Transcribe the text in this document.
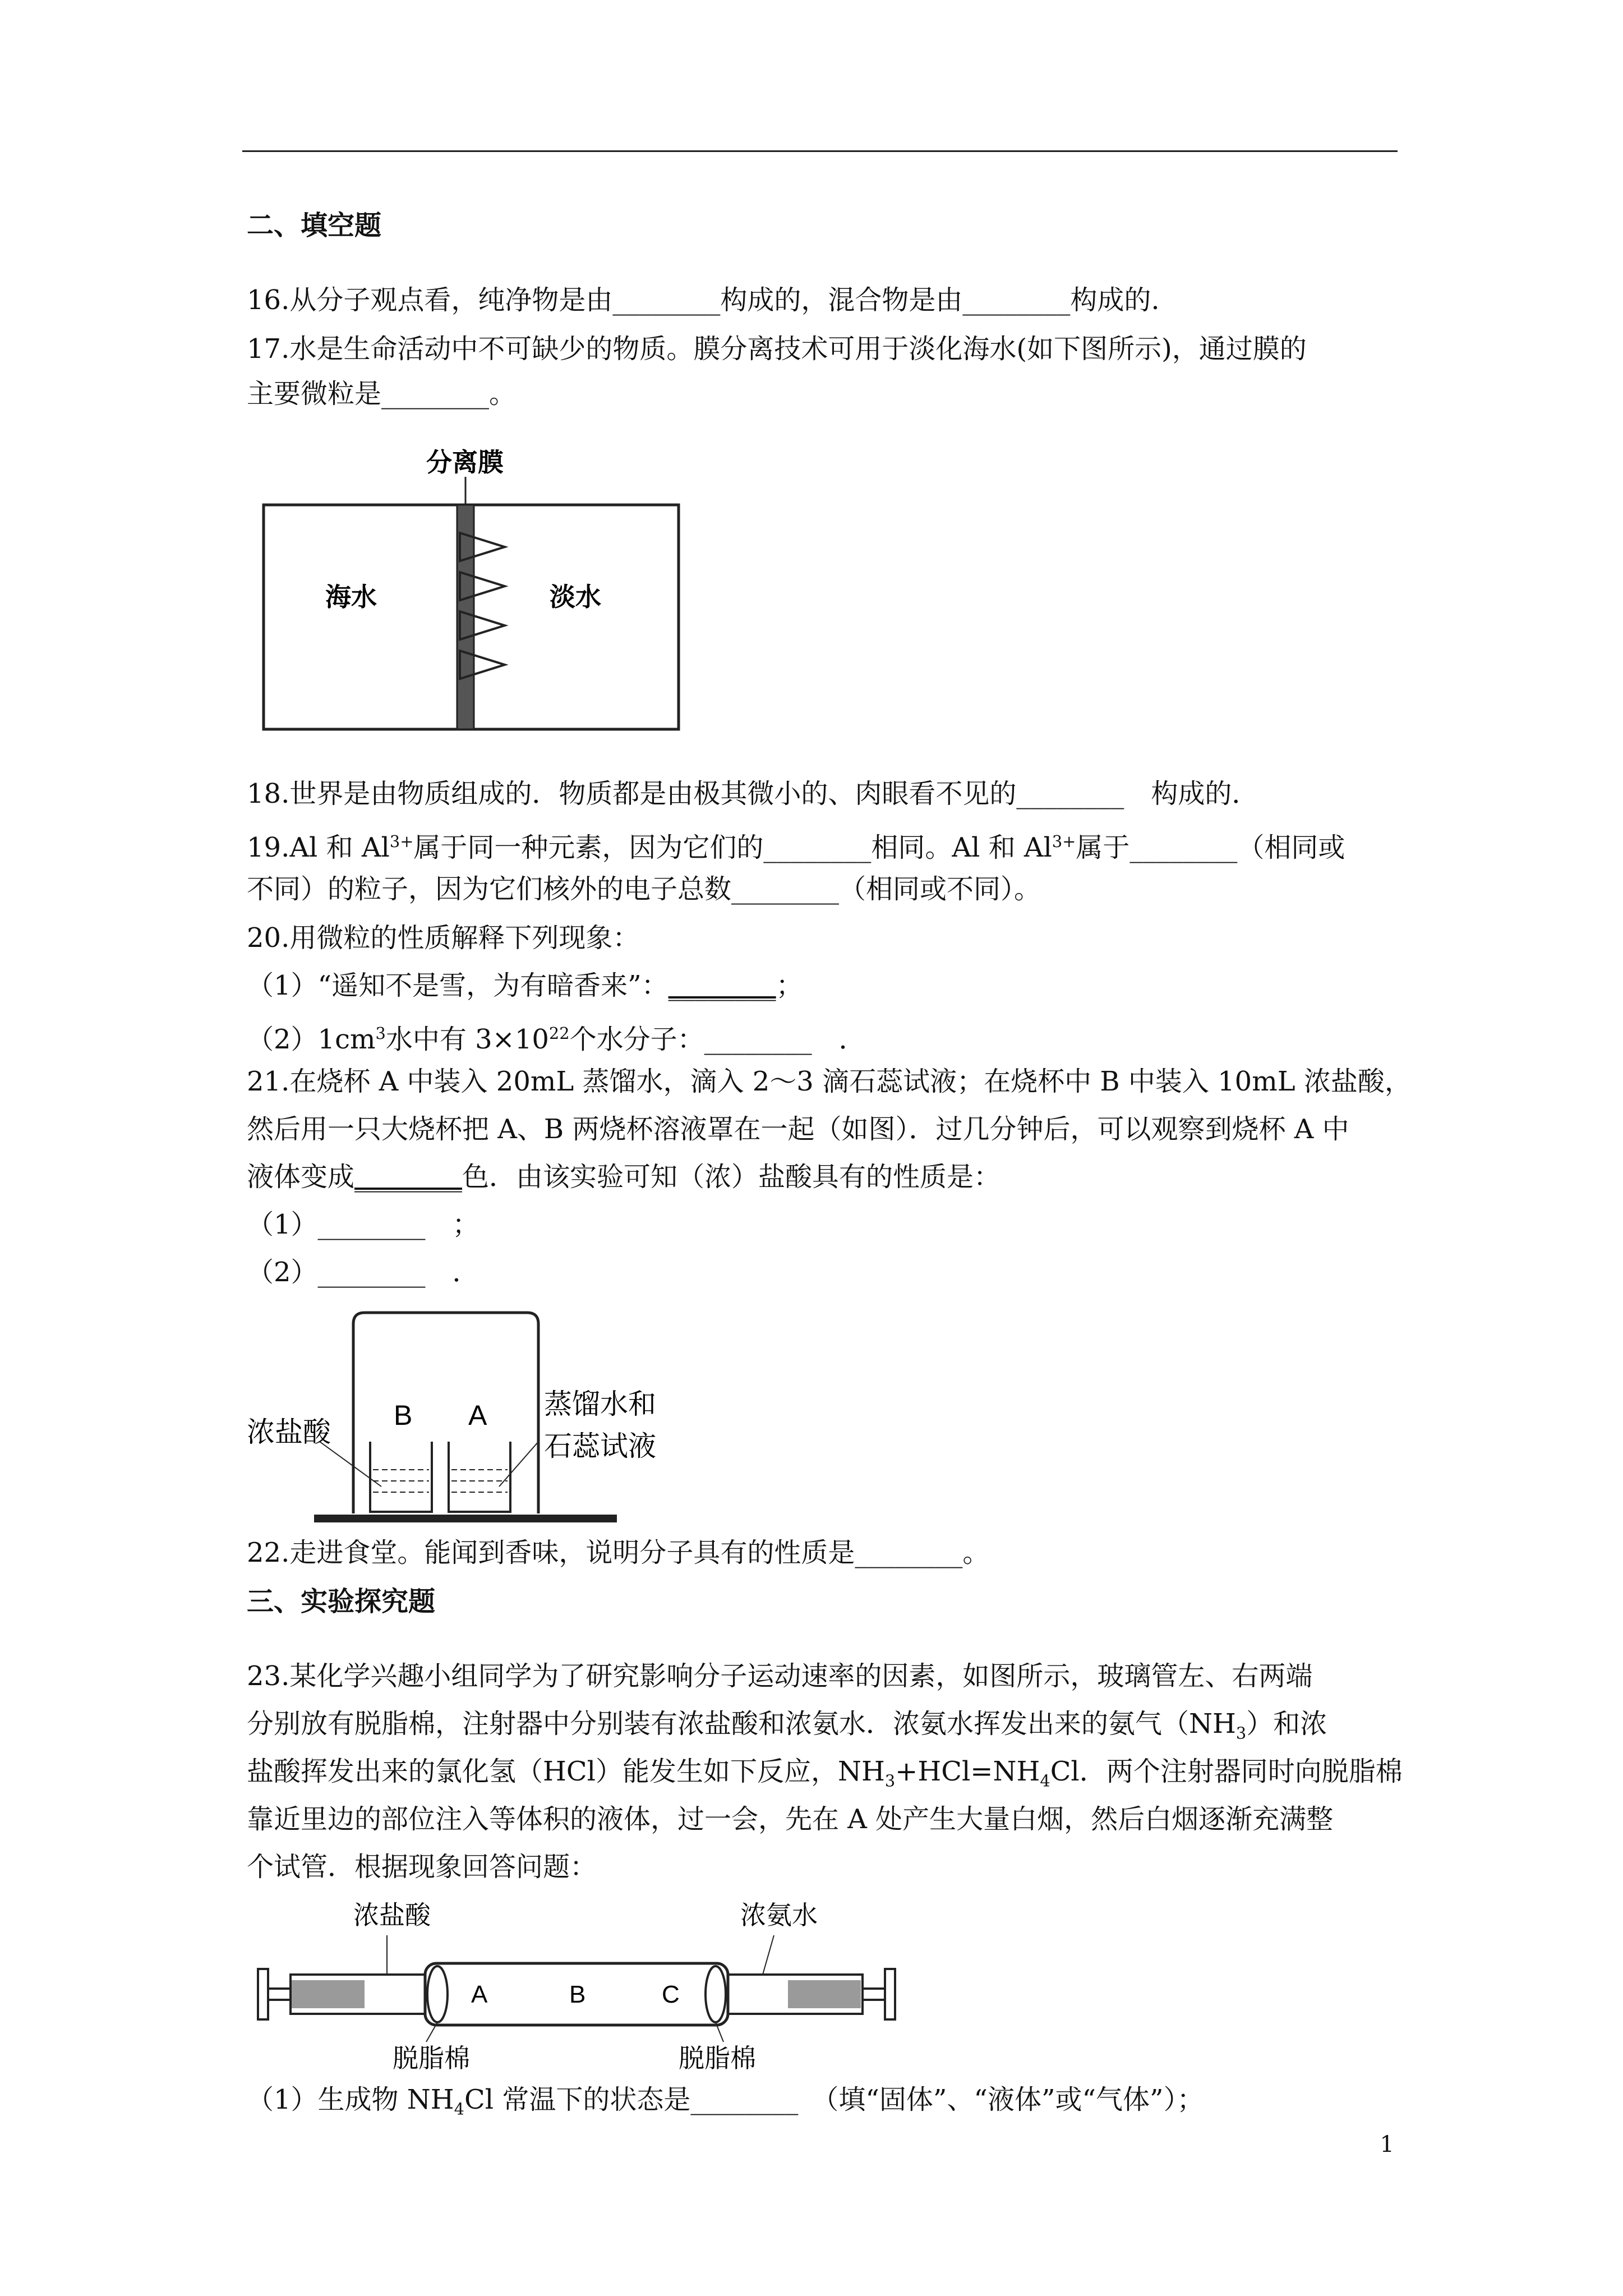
二、填空题
16.从分子观点看，纯净物是由________构成的，混合物是由________构成的.
17.水是生命活动中不可缺少的物质。膜分离技术可用于淡化海水(如下图所示)，通过膜的
主要微粒是________。
分离膜
海水	淡水
18.世界是由物质组成的．物质都是由极其微小的、肉眼看不见的________　构成的．
19.Al 和 $Al^{3+}$属于同一种元素，因为它们的________相同。Al 和 $Al^{3+}$属于________（相同或
不同）的粒子，因为它们核外的电子总数________（相同或不同）。
20.用微粒的性质解释下列现象：
（1）“遥知不是雪，为有暗香来”：________；
$(2)1cm^3$水中有 $3\times 10^{22}$个水分子：________　．
21.在烧杯 A 中装入 20mL 蒸馏水，滴入 2～3 滴石蕊试液；在烧杯中 B 中装入 10mL 浓盐酸，
然后用一只大烧杯把 A、B 两烧杯溶液罩在一起（如图）．过几分钟后，可以观察到烧杯 A 中
液体变成________色．由该实验可知（浓）盐酸具有的性质是：
（1）________　；
（2）________　．
B A
浓盐酸
蒸馏水和
石蕊试液
22.走进食堂。能闻到香味，说明分子具有的性质是________。
三、实验探究题
23.某化学兴趣小组同学为了研究影响分子运动速率的因素，如图所示，玻璃管左、右两端
分别放有脱脂棉，注射器中分别装有浓盐酸和浓氨水．浓氨水挥发出来的氨气$(NH_3)$和浓
盐酸挥发出来的氯化氢（HCl）能发生如下反应，$NH_3+HCl=NH_4Cl$．两个注射器同时向脱脂棉
靠近里边的部位注入等体积的液体，过一会，先在 A 处产生大量白烟，然后白烟逐渐充满整
个试管．根据现象回答问题：
浓盐酸	浓氨水
A	B	C
脱脂棉	脱脂棉
（1）生成物 $NH_4Cl$ 常温下的状态是________　（填“固体”、“液体”或“气体”）；
1
